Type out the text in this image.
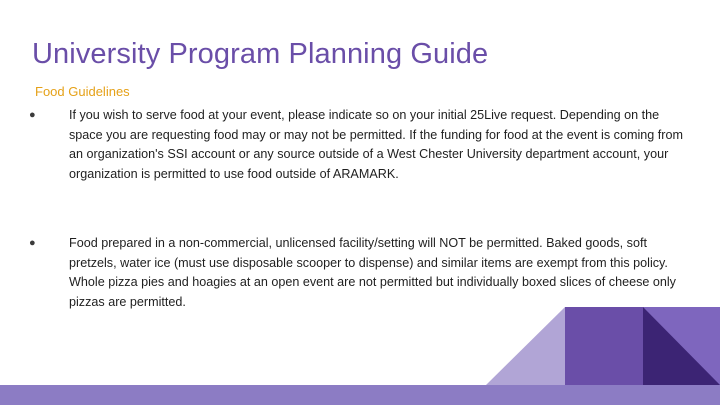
University Program Planning Guide
Food Guidelines
●	If you wish to serve food at your event, please indicate so on your initial 25Live request. Depending on the space you are requesting food may or may not be permitted. If the funding for food at the event is coming from an organization's SSI account or any source outside of a West Chester University department account, your organization is permitted to use food outside of ARAMARK.
●	Food prepared in a non-commercial, unlicensed facility/setting will NOT be permitted. Baked goods, soft pretzels, water ice (must use disposable scooper to dispense) and similar items are exempt from this policy. Whole pizza pies and hoagies at an open event are not permitted but individually boxed slices of cheese only pizzas are permitted.
